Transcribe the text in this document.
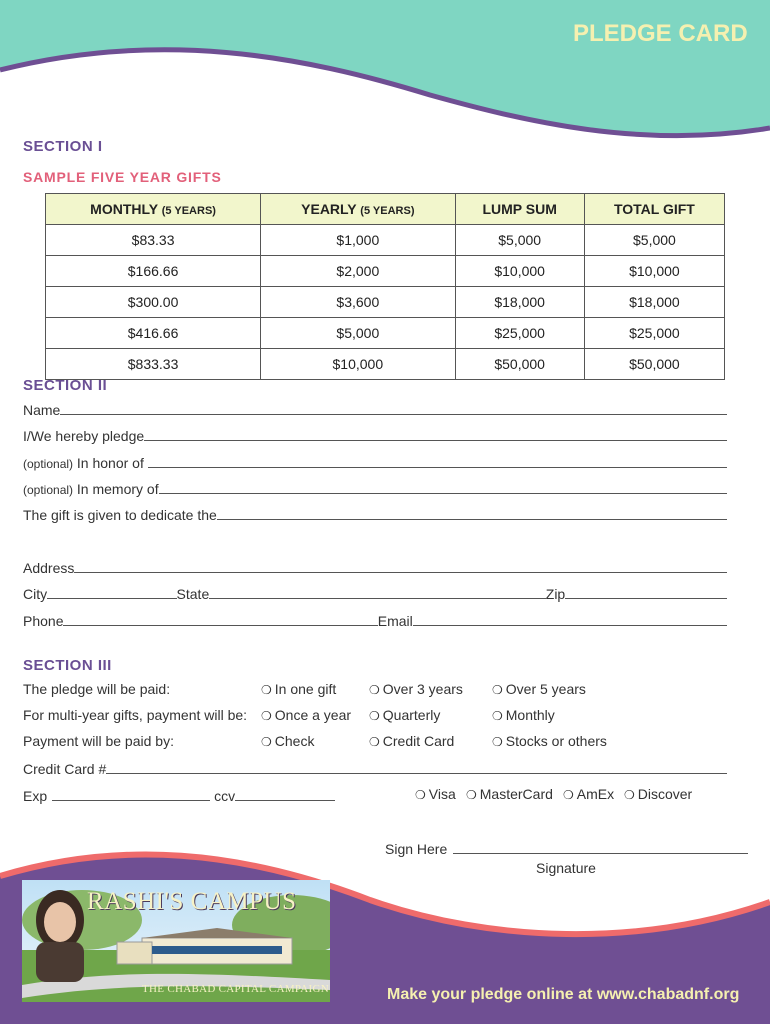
PLEDGE CARD
SECTION I
SAMPLE FIVE YEAR GIFTS
MONTHLY (5 YEARS)	YEARLY (5 YEARS)	LUMP SUM	TOTAL GIFT
$83.33	$1,000	$5,000	$5,000
$166.66	$2,000	$10,000	$10,000
$300.00	$3,600	$18,000	$18,000
$416.66	$5,000	$25,000	$25,000
$833.33	$10,000	$50,000	$50,000
SECTION II
Name
I/We hereby pledge
(optional) In honor of
(optional) In memory of
The gift is given to dedicate the
Address
City	State	Zip
Phone	Email
SECTION III
The pledge will be paid:	❍ In one gift	❍ Over 3 years ❍ Over 5 years
For multi-year gifts, payment will be: ❍ Once a year ❍ Quarterly	❍ Monthly
Payment will be paid by:	❍ Check	❍ Credit Card	❍ Stocks or others
Credit Card #
Exp	ccv	❍ Visa ❍ MasterCard ❍ AmEx ❍ Discover
Sign Here
Signature
RASHI'S CAMPUS
THE CHABAD CAPITAL CAMPAIGN	Make your pledge online at www.chabadnf.org
